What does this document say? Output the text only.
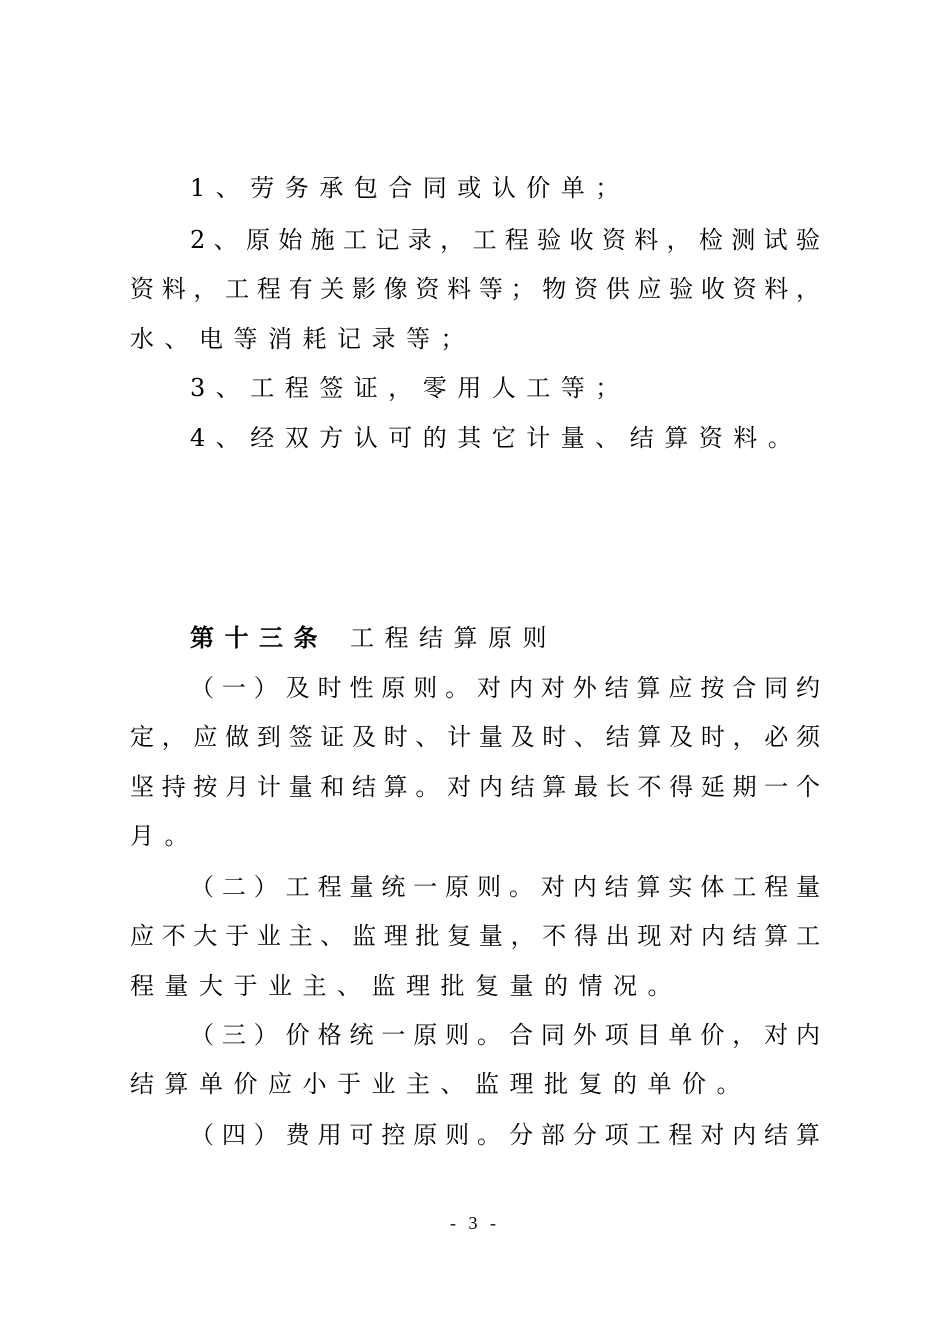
1、劳务承包合同或认价单；
2、原始施工记录，工程验收资料，检测试验
资料，工程有关影像资料等；物资供应验收资料，
水、电等消耗记录等；
3、工程签证，零用人工等；
4、经双方认可的其它计量、结算资料。
第十三条 工程结算原则
（一）及时性原则。对内对外结算应按合同约
定，应做到签证及时、计量及时、结算及时，必须
坚持按月计量和结算。对内结算最长不得延期一个
月。
（二）工程量统一原则。对内结算实体工程量
应不大于业主、监理批复量，不得出现对内结算工
程量大于业主、监理批复量的情况。
（三）价格统一原则。合同外项目单价，对内
结算单价应小于业主、监理批复的单价。
（四）费用可控原则。分部分项工程对内结算
- 3 -
